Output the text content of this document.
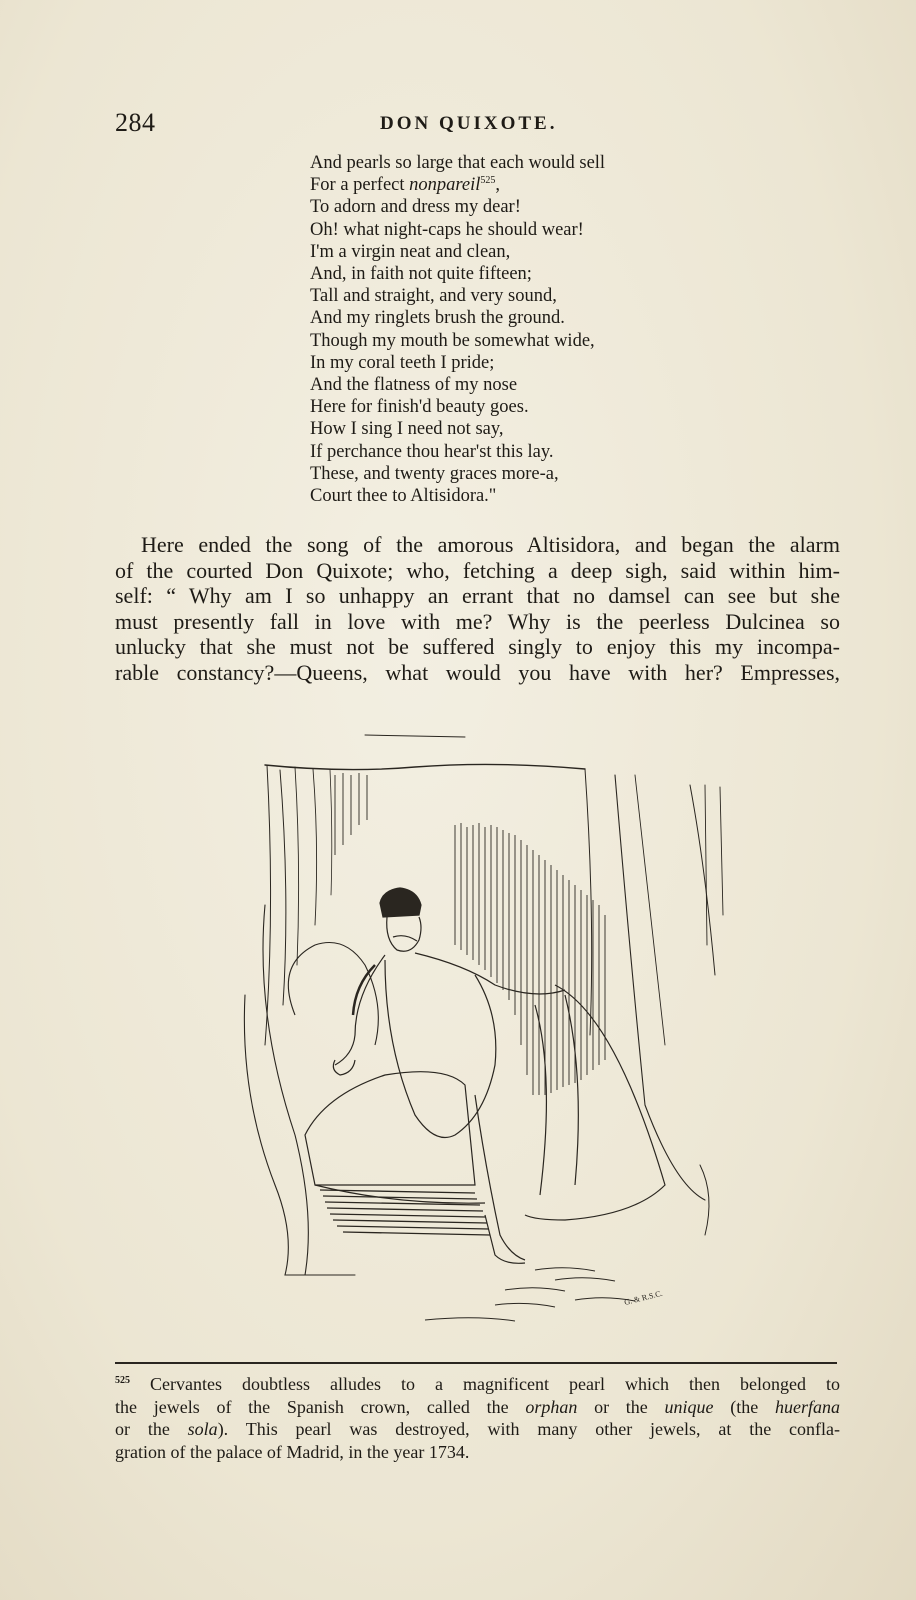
284	DON QUIXOTE.
And pearls so large that each would sell
For a perfect nonpareil$^{525}$,
To adorn and dress my dear!
Oh! what night-caps he should wear!
I'm a virgin neat and clean,
And, in faith not quite fifteen;
Tall and straight, and very sound,
And my ringlets brush the ground.
Though my mouth be somewhat wide,
In my coral teeth I pride;
And the flatness of my nose
Here for finish'd beauty goes.
How I sing I need not say,
If perchance thou hear'st this lay.
These, and twenty graces more-a,
Court thee to Altisidora."
Here ended the song of the amorous Altisidora, and began the alarm
of the courted Don Quixote; who, fetching a deep sigh, said within him-
self: “ Why am I so unhappy an errant that no damsel can see but she
must presently fall in love with me? Why is the peerless Dulcinea so
unlucky that she must not be suffered singly to enjoy this my incompa-
rable constancy?—Queens, what would you have with her? Empresses,
G. & R.S.C.
$^{525}$ Cervantes doubtless alludes to a magnificent pearl which then belonged to
the jewels of the Spanish crown, called the orphan or the unique (the huerfana
or the sola). This pearl was destroyed, with many other jewels, at the confla-
gration of the palace of Madrid, in the year 1734.
